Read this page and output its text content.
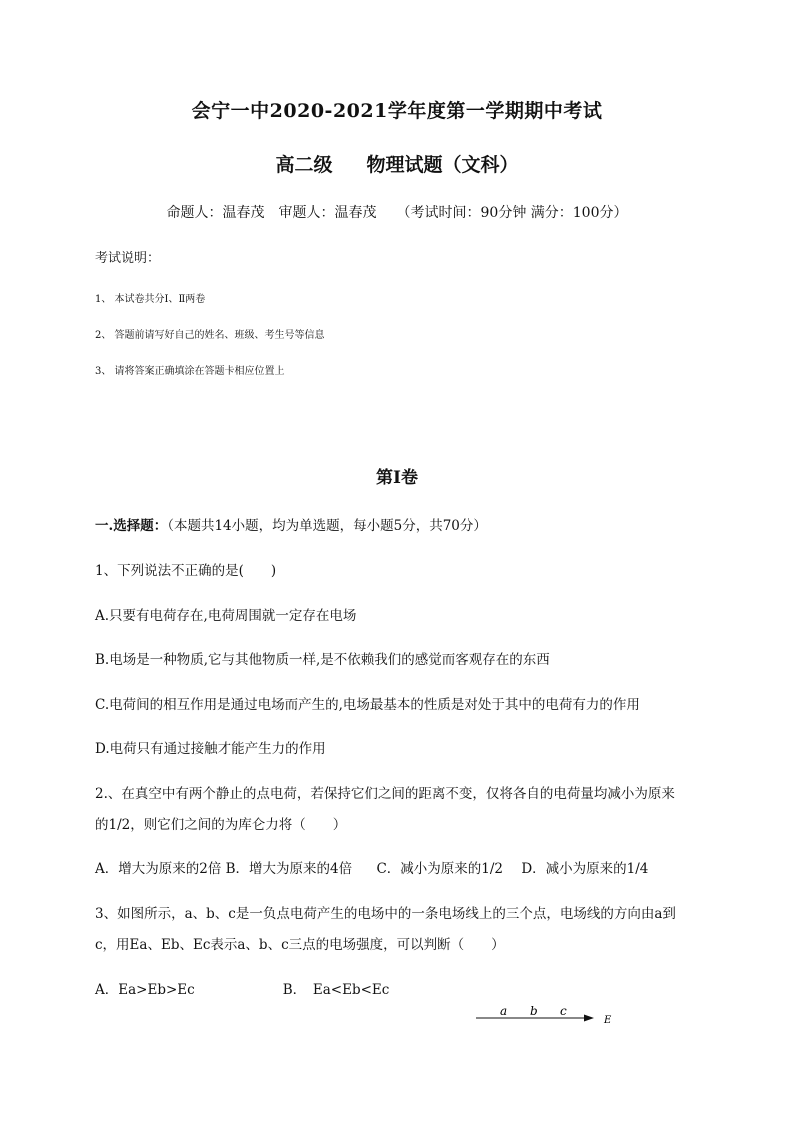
会宁一中2020-2021学年度第一学期期中考试
高二级 物理试题（文科）
命题人：温春茂 审题人：温春茂 （考试时间：90分钟 满分：100分）
考试说明：
1、 本试卷共分Ⅰ、Ⅱ两卷
2、 答题前请写好自己的姓名、班级、考生号等信息
3、 请将答案正确填涂在答题卡相应位置上
第Ⅰ卷
一.选择题：（本题共14小题，均为单选题，每小题5分，共70分）
1、下列说法不正确的是(　　)
A.只要有电荷存在,电荷周围就一定存在电场
B.电场是一种物质,它与其他物质一样,是不依赖我们的感觉而客观存在的东西
C.电荷间的相互作用是通过电场而产生的,电场最基本的性质是对处于其中的电荷有力的作用
D.电荷只有通过接触才能产生力的作用
2.、在真空中有两个静止的点电荷，若保持它们之间的距离不变，仅将各自的电荷量均减小为原来
的1/2，则它们之间的为库仑力将（　　）
A．增大为原来的2倍 B．增大为原来的4倍 C．减小为原来的1/2 D．减小为原来的1/4
3、如图所示，a、b、c是一负点电荷产生的电场中的一条电场线上的三个点，电场线的方向由a到
c，用Ea、Eb、Ec表示a、b、c三点的电场强度，可以判断（　　）
A．Ea>Eb>Ec	B．　Ea<Eb<Ec
a b c
E
